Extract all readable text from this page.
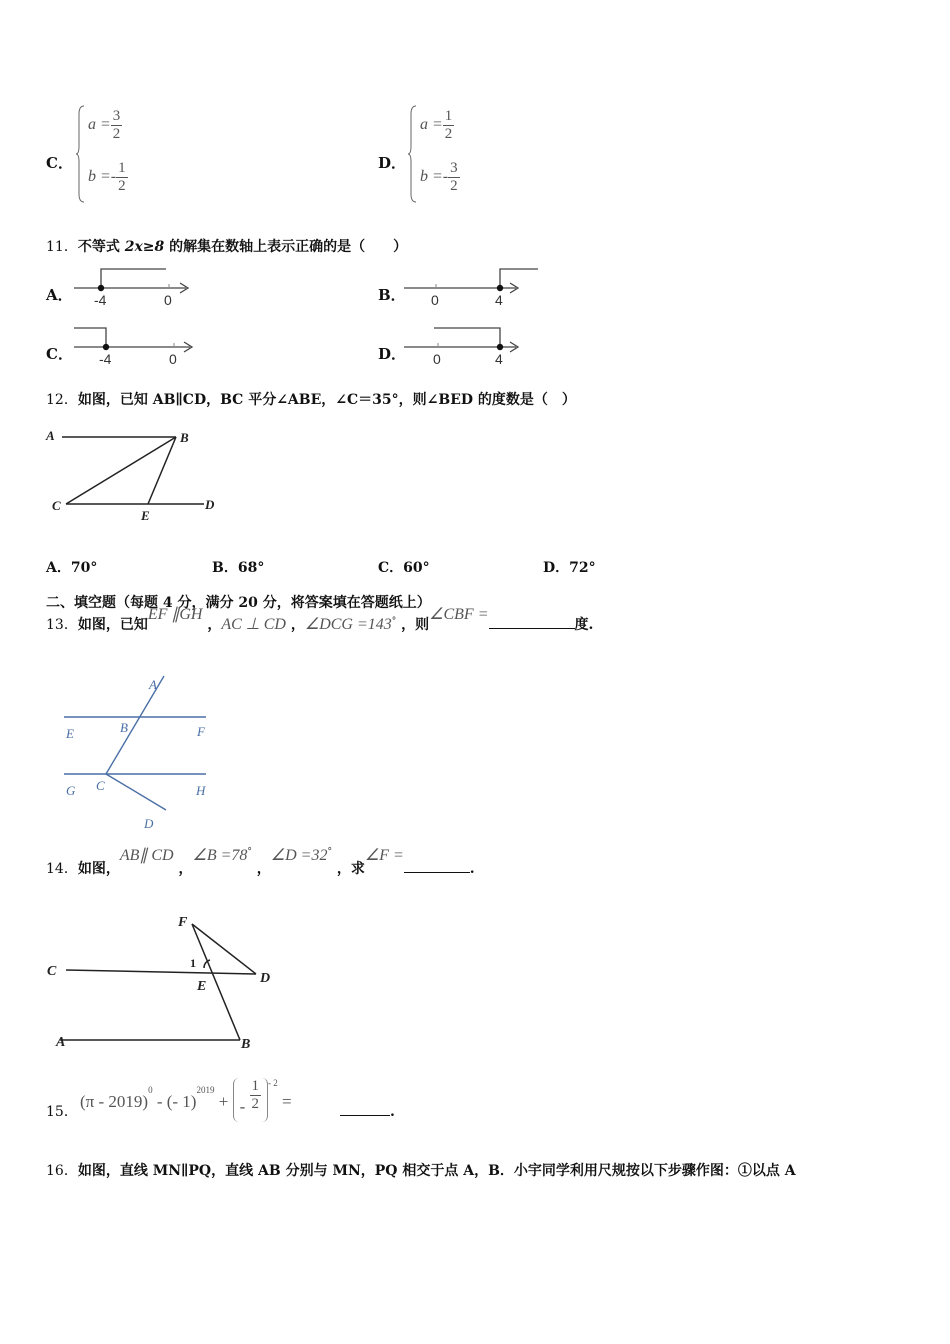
C．
$a = \frac{3}{2}$
$b =- \frac{1}{2}$	D．
$a = \frac{1}{2}$
$b =- \frac{3}{2}$
11．不等式 2x≥8 的解集在数轴上表示正确的是（　　）
A． -4	0	B． 0	4
C． -4	0	D． 0	4
12．如图，已知 AB∥CD，BC 平分∠ABE，∠C＝35°，则∠BED 的度数是（　）
A	B
C
E
D
A．70°	B．68°	C．60°	D．72°
二、填空题（每题 4 分，满分 20 分，将答案填在答题纸上）
13．如图，已知EF ∥GH ，AC ⊥ CD ，∠DCG =143° ，则∠CBF =度.
A
B
E	F
G C	H
D
14．如图，AB∥ CD ，∠B =78° ，∠D =32° ，求∠F =.
F
1
C
E
D
A	B
15．
(π - 2019)0 - (- 1)2019 + - $\frac{1}{2} ^{- 2}$ =
.
16．如图，直线 MN∥PQ，直线 AB 分别与 MN，PQ 相交于点 A，B．小宇同学利用尺规按以下步骤作图：①以点 A
